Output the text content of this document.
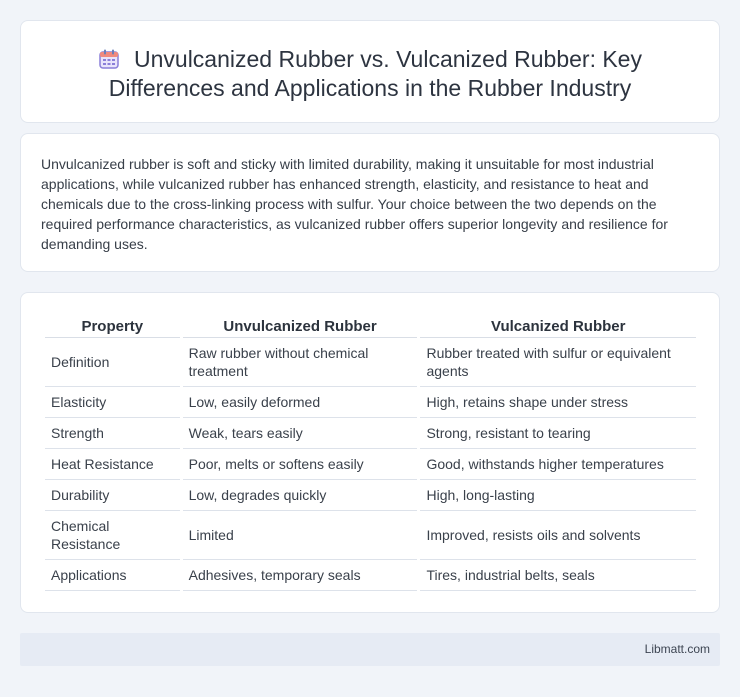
Unvulcanized Rubber vs. Vulcanized Rubber: Key Differences and Applications in the Rubber Industry

Unvulcanized rubber is soft and sticky with limited durability, making it unsuitable for most industrial applications, while vulcanized rubber has enhanced strength, elasticity, and resistance to heat and chemicals due to the cross-linking process with sulfur. Your choice between the two depends on the required performance characteristics, as vulcanized rubber offers superior longevity and resilience for demanding uses.

Property	Unvulcanized Rubber	Vulcanized Rubber
Definition	Raw rubber without chemical treatment	Rubber treated with sulfur or equivalent agents
Elasticity	Low, easily deformed	High, retains shape under stress
Strength	Weak, tears easily	Strong, resistant to tearing
Heat Resistance	Poor, melts or softens easily	Good, withstands higher temperatures
Durability	Low, degrades quickly	High, long-lasting
Chemical Resistance	Limited	Improved, resists oils and solvents
Applications	Adhesives, temporary seals	Tires, industrial belts, seals
Libmatt.com
